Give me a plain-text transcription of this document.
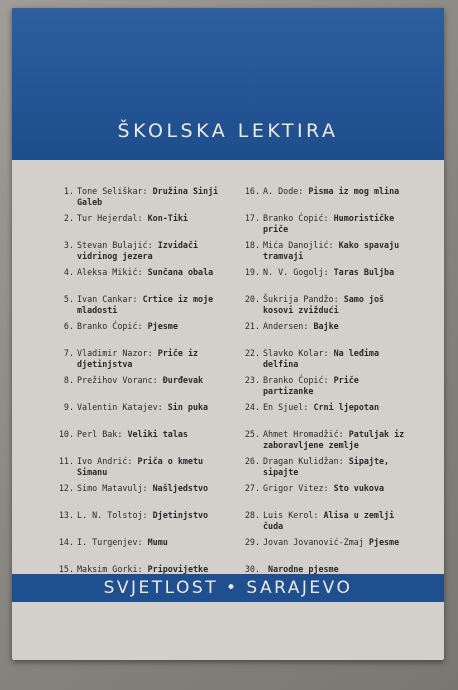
ŠKOLSKA LEKTIRA
1. Tone Seliškar: Družina Sinji Galeb
2. Tur Hejerdal: Kon-Tiki
3. Stevan Bulajić: Izvidači vidrinog jezera
4. Aleksa Mikić: Sunčana obala
5. Ivan Cankar: Crtice iz moje mladosti
6. Branko Ćopić: Pjesme
7. Vladimir Nazor: Priče iz djetinjstva
8. Prežihov Voranc: Đurđevak
9. Valentin Katajev: Sin puka
10. Perl Bak: Veliki talas
11. Ivo Andrić: Priča o kmetu Simanu
12. Simo Matavulj: Našljedstvo
13. L. N. Tolstoj: Djetinjstvo
14. I. Turgenjev: Mumu
15. Maksim Gorki: Pripovijetke
16. A. Dode: Pisma iz mog mlina
17. Branko Ćopić: Humorističke priče
18. Mića Danojlić: Kako spavaju tramvaji
19. N. V. Gogolj: Taras Buljba
20. Šukrija Pandžo: Samo još kosovi zviždući
21. Andersen: Bajke
22. Slavko Kolar: Na leđima delfina
23. Branko Ćopić: Priče partizanke
24. En Sjuel: Crni ljepotan
25. Ahmet Hromadžić: Patuljak iz zaboravljene zemlje
26. Dragan Kulidžan: Sipajte, sipajte
27. Grigor Vitez: Sto vukova
28. Luis Kerol: Alisa u zemlji čuda
29. Jovan Jovanović-Zmaj Pjesme
30. Narodne pjesme
SVJETLOST • SARAJEVO
